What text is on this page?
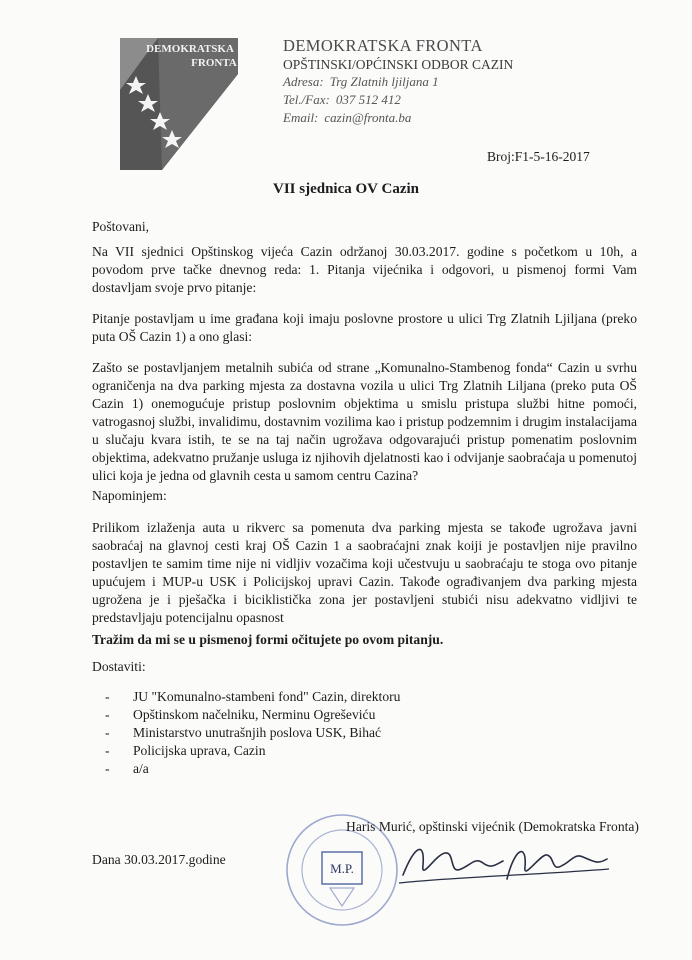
DEMOKRATSKA
FRONTA
DEMOKRATSKA FRONTA
OPŠTINSKI/OPĆINSKI ODBOR CAZIN
Adresa: Trg Zlatnih ljiljana 1
Tel./Fax: 037 512 412
Email: cazin@fronta.ba
Broj:F1-5-16-2017
VII sjednica OV Cazin
Poštovani,
Na VII sjednici Opštinskog vijeća Cazin održanoj 30.03.2017. godine s početkom u 10h, a povodom prve tačke dnevnog reda: 1. Pitanja vijećnika i odgovori, u pismenoj formi Vam dostavljam svoje prvo pitanje:
Pitanje postavljam u ime građana koji imaju poslovne prostore u ulici Trg Zlatnih Ljiljana (preko puta OŠ Cazin 1) a ono glasi:
Zašto se postavljanjem metalnih subića od strane „Komunalno-Stambenog fonda“ Cazin u svrhu ograničenja na dva parking mjesta za dostavna vozila u ulici Trg Zlatnih Liljana (preko puta OŠ Cazin 1) onemogućuje pristup poslovnim objektima u smislu pristupa službi hitne pomoći, vatrogasnoj službi, invalidimu, dostavnim vozilima kao i pristup podzemnim i drugim instalacijama u slučaju kvara istih, te se na taj način ugrožava odgovarajući pristup pomenatim poslovnim objektima, adekvatno pružanje usluga iz njihovih djelatnosti kao i odvijanje saobraćaja u pomenutoj ulici koja je jedna od glavnih cesta u samom centru Cazina?
Napominjem:
Prilikom izlaženja auta u rikverc sa pomenuta dva parking mjesta se takođe ugrožava javni saobraćaj na glavnoj cesti kraj OŠ Cazin 1 a saobraćajni znak koiji je postavljen nije pravilno postavljen te samim time nije ni vidljiv vozačima koji učestvuju u saobraćaju te stoga ovo pitanje upućujem i MUP-u USK i Policijskoj upravi Cazin. Takođe ograđivanjem dva parking mjesta ugrožena je i pješačka i biciklistička zona jer postavljeni stubići nisu adekvatno vidljivi te predstavljaju potencijalnu opasnost
Tražim da mi se u pismenoj formi očitujete po ovom pitanju.
Dostaviti:
- JU "Komunalno-stambeni fond" Cazin, direktoru
- Opštinskom načelniku, Nerminu Ogreševiću
- Ministarstvo unutrašnjih poslova USK, Bihać
- Policijska uprava, Cazin
- a/a
M.P.
Haris Murić, opštinski vijećnik (Demokratska Fronta)
Dana 30.03.2017.godine
